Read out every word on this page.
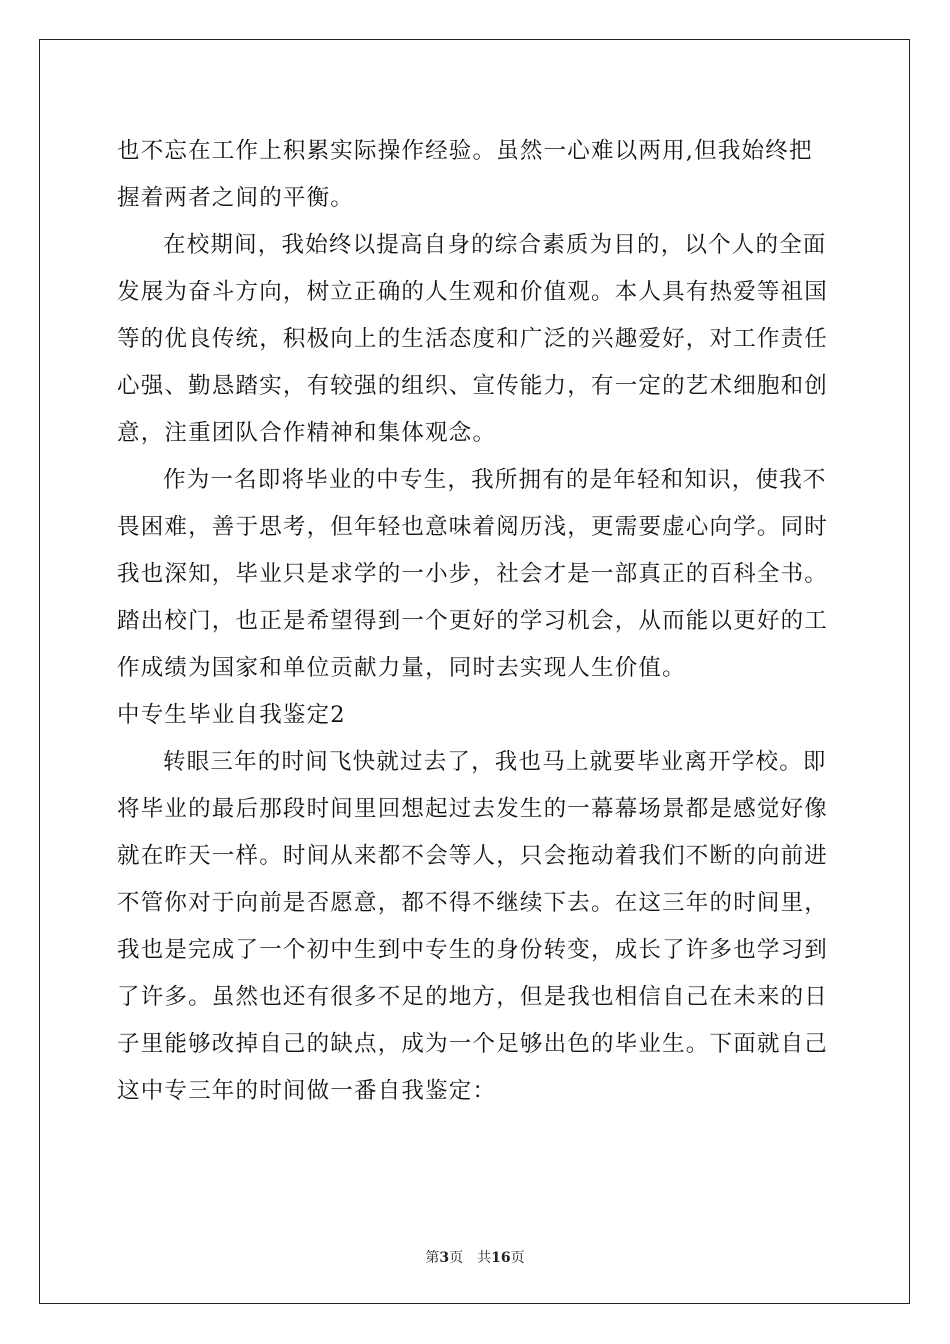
也不忘在工作上积累实际操作经验。虽然一心难以两用,但我始终把
握着两者之间的平衡。
在校期间，我始终以提高自身的综合素质为目的，以个人的全面
发展为奋斗方向，树立正确的人生观和价值观。本人具有热爱等祖国
等的优良传统，积极向上的生活态度和广泛的兴趣爱好，对工作责任
心强、勤恳踏实，有较强的组织、宣传能力，有一定的艺术细胞和创
意，注重团队合作精神和集体观念。
作为一名即将毕业的中专生，我所拥有的是年轻和知识，使我不
畏困难，善于思考，但年轻也意味着阅历浅，更需要虚心向学。同时
我也深知，毕业只是求学的一小步，社会才是一部真正的百科全书。
踏出校门，也正是希望得到一个更好的学习机会，从而能以更好的工
作成绩为国家和单位贡献力量，同时去实现人生价值。
中专生毕业自我鉴定2
转眼三年的时间飞快就过去了，我也马上就要毕业离开学校。即
将毕业的最后那段时间里回想起过去发生的一幕幕场景都是感觉好像
就在昨天一样。时间从来都不会等人，只会拖动着我们不断的向前进
不管你对于向前是否愿意，都不得不继续下去。在这三年的时间里，
我也是完成了一个初中生到中专生的身份转变，成长了许多也学习到
了许多。虽然也还有很多不足的地方，但是我也相信自己在未来的日
子里能够改掉自己的缺点，成为一个足够出色的毕业生。下面就自己
这中专三年的时间做一番自我鉴定：
第3页 共16页
